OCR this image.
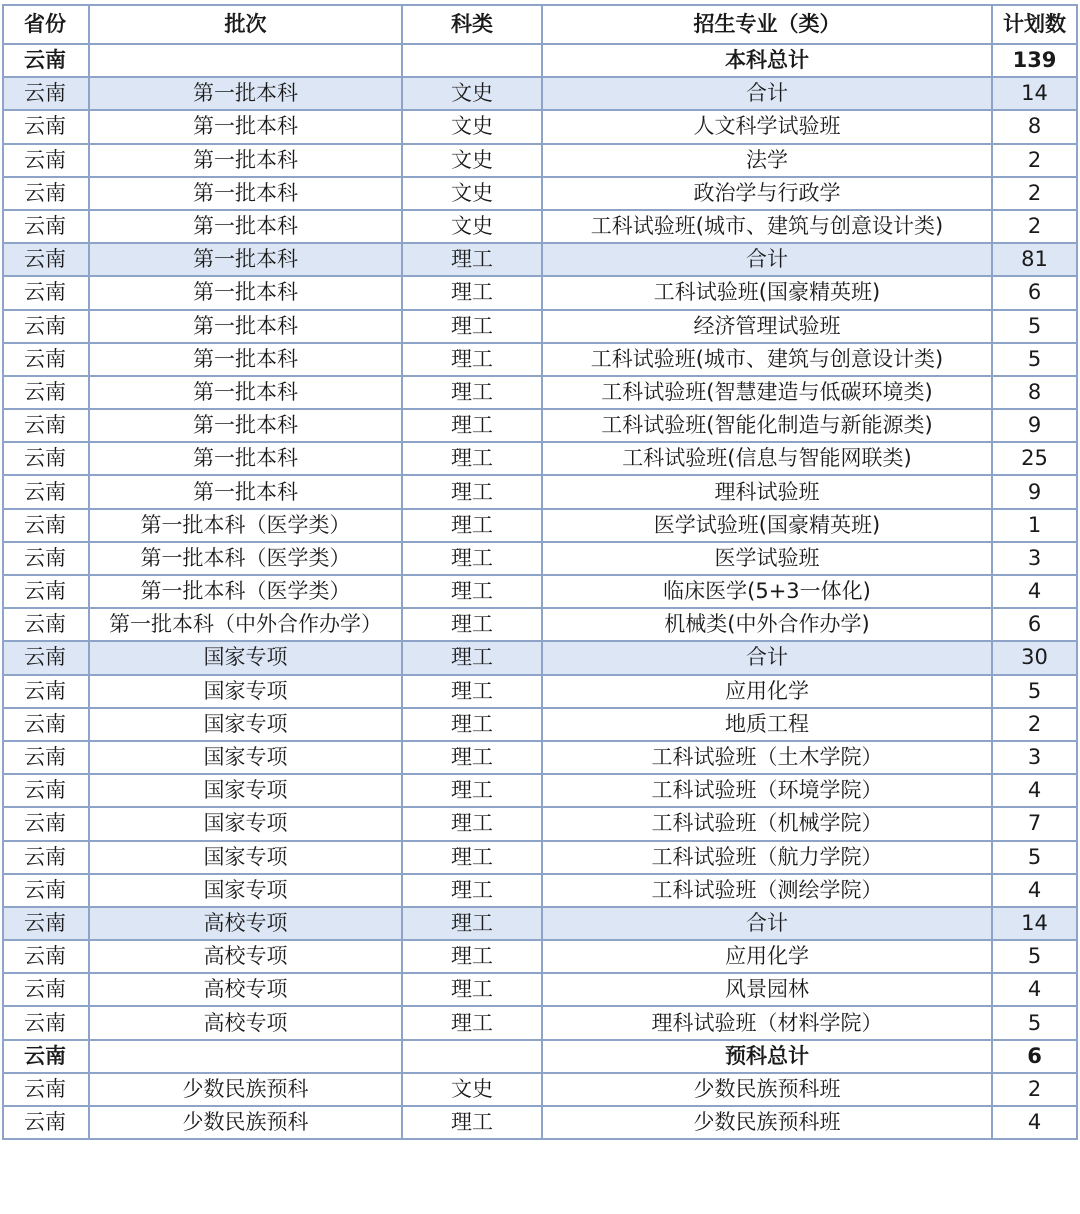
省份	批次	科类	招生专业（类）	计划数
云南			本科总计	139
云南	第一批本科	文史	合计	14
云南	第一批本科	文史	人文科学试验班	8
云南	第一批本科	文史	法学	2
云南	第一批本科	文史	政治学与行政学	2
云南	第一批本科	文史	工科试验班(城市、建筑与创意设计类)	2
云南	第一批本科	理工	合计	81
云南	第一批本科	理工	工科试验班(国豪精英班)	6
云南	第一批本科	理工	经济管理试验班	5
云南	第一批本科	理工	工科试验班(城市、建筑与创意设计类)	5
云南	第一批本科	理工	工科试验班(智慧建造与低碳环境类)	8
云南	第一批本科	理工	工科试验班(智能化制造与新能源类)	9
云南	第一批本科	理工	工科试验班(信息与智能网联类)	25
云南	第一批本科	理工	理科试验班	9
云南	第一批本科（医学类）	理工	医学试验班(国豪精英班)	1
云南	第一批本科（医学类）	理工	医学试验班	3
云南	第一批本科（医学类）	理工	临床医学(5+3一体化)	4
云南	第一批本科（中外合作办学）	理工	机械类(中外合作办学)	6
云南	国家专项	理工	合计	30
云南	国家专项	理工	应用化学	5
云南	国家专项	理工	地质工程	2
云南	国家专项	理工	工科试验班（土木学院）	3
云南	国家专项	理工	工科试验班（环境学院）	4
云南	国家专项	理工	工科试验班（机械学院）	7
云南	国家专项	理工	工科试验班（航力学院）	5
云南	国家专项	理工	工科试验班（测绘学院）	4
云南	高校专项	理工	合计	14
云南	高校专项	理工	应用化学	5
云南	高校专项	理工	风景园林	4
云南	高校专项	理工	理科试验班（材料学院）	5
云南			预科总计	6
云南	少数民族预科	文史	少数民族预科班	2
云南	少数民族预科	理工	少数民族预科班	4
